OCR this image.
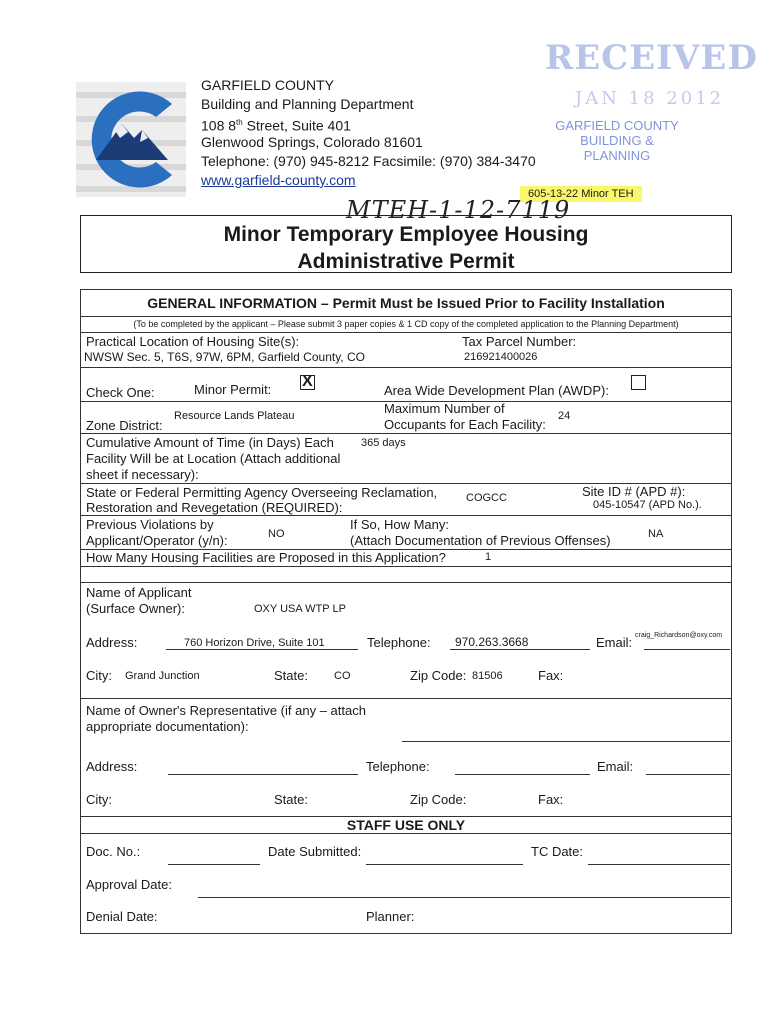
GARFIELD COUNTY
Building and Planning Department
108 8th Street, Suite 401
Glenwood Springs, Colorado 81601
Telephone: (970) 945-8212 Facsimile: (970) 384-3470
www.garfield-county.com
RECEIVED
JAN 18 2012
GARFIELD COUNTY
BUILDING & PLANNING
605-13-22 Minor TEH
MTEH-1-12-7119
Minor Temporary Employee Housing
Administrative Permit
GENERAL INFORMATION – Permit Must be Issued Prior to Facility Installation
(To be completed by the applicant – Please submit 3 paper copies & 1 CD copy of the completed application to the Planning Department)
Practical Location of Housing Site(s):
NWSW Sec. 5, T6S, 97W, 6PM, Garfield County, CO
Tax Parcel Number:
216921400026
Check One:	Minor Permit: X
Area Wide Development Plan (AWDP):
Zone District:
Resource Lands Plateau	Maximum Number of
Occupants for Each Facility:
24
Cumulative Amount of Time (in Days) Each 365 days
Facility Will be at Location (Attach additional
sheet if necessary):
State or Federal Permitting Agency Overseeing Reclamation,
Restoration and Revegetation (REQUIRED):
COGCC	Site ID # (APD #):
045-10547 (APD No.).
Previous Violations by
Applicant/Operator (y/n):	NO
If So, How Many:
(Attach Documentation of Previous Offenses)	NA
How Many Housing Facilities are Proposed in this Application?	1
Name of Applicant
(Surface Owner):	OXY USA WTP LP
Address:	760 Horizon Drive, Suite 101	Telephone: 970.263.3668	Email: craig_Richardson@oxy.com
City: Grand Junction	State: CO	Zip Code: 81506	Fax:
Name of Owner's Representative (if any – attach
appropriate documentation):
Address:	Telephone:	Email:
City:	State:	Zip Code:	Fax:
STAFF USE ONLY
Doc. No.:	Date Submitted:	TC Date:
Approval Date:
Denial Date:	Planner:
